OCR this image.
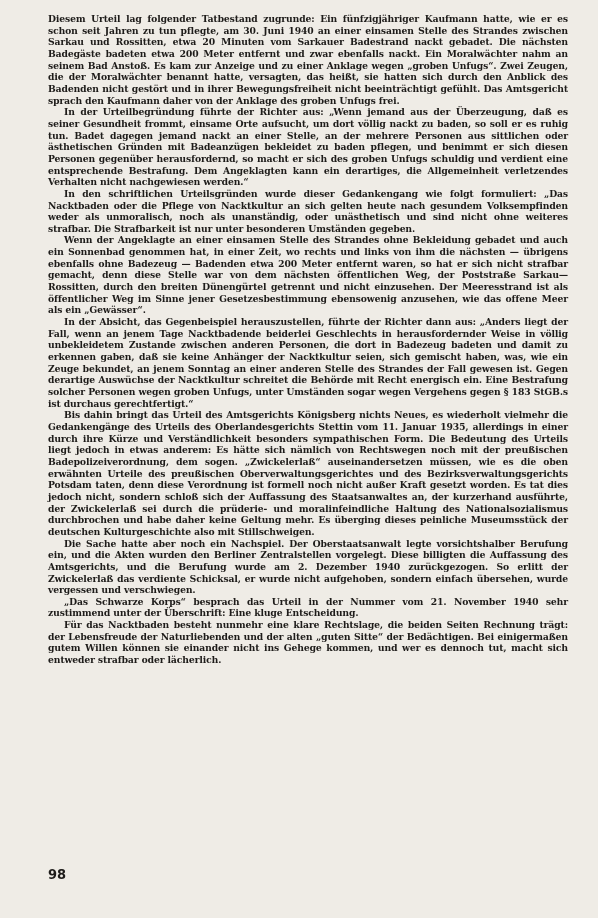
Diesem Urteil lag folgender Tatbestand zugrunde: Ein fünfzigjähriger Kaufmann hatte, wie er es schon seit Jahren zu tun pflegte, am 30. Juni 1940 an einer einsamen Stelle des Strandes zwischen Sarkau und Rossitten, etwa 20 Minuten vom Sarkauer Badestrand nackt gebadet. Die nächsten Badegäste badeten etwa 200 Meter entfernt und zwar ebenfalls nackt. Ein Moralwächter nahm an seinem Bad Anstoß. Es kam zur Anzeige und zu einer Anklage wegen „groben Unfugs“. Zwei Zeugen, die der Moralwächter benannt hatte, versagten, das heißt, sie hatten sich durch den Anblick des Badenden nicht gestört und in ihrer Bewegungsfreiheit nicht beeinträchtigt gefühlt. Das Amtsgericht sprach den Kaufmann daher von der Anklage des groben Unfugs frei.

In der Urteilbegründung führte der Richter aus: „Wenn jemand aus der Überzeugung, daß es seiner Gesundheit frommt, einsame Orte aufsucht, um dort völlig nackt zu baden, so soll er es ruhig tun. Badet dagegen jemand nackt an einer Stelle, an der mehrere Personen aus sittlichen oder ästhetischen Gründen mit Badeanzügen bekleidet zu baden pflegen, und benimmt er sich diesen Personen gegenüber herausfordernd, so macht er sich des groben Unfugs schuldig und verdient eine entsprechende Bestrafung. Dem Angeklagten kann ein derartiges, die Allgemeinheit verletzendes Verhalten nicht nachgewiesen werden.“

In den schriftlichen Urteilsgründen wurde dieser Gedankengang wie folgt formuliert: „Das Nacktbaden oder die Pflege von Nacktkultur an sich gelten heute nach gesundem Volksempfinden weder als unmoralisch, noch als unanständig, oder unästhetisch und sind nicht ohne weiteres strafbar. Die Strafbarkeit ist nur unter besonderen Umständen gegeben.

Wenn der Angeklagte an einer einsamen Stelle des Strandes ohne Bekleidung gebadet und auch ein Sonnenbad genommen hat, in einer Zeit, wo rechts und links von ihm die nächsten — übrigens ebenfalls ohne Badezeug — Badenden etwa 200 Meter entfernt waren, so hat er sich nicht strafbar gemacht, denn diese Stelle war von dem nächsten öffentlichen Weg, der Poststraße Sarkau—Rossitten, durch den breiten Dünengürtel getrennt und nicht einzusehen. Der Meeresstrand ist als öffentlicher Weg im Sinne jener Gesetzesbestimmung ebensowenig anzusehen, wie das offene Meer als ein „Gewässer“.

In der Absicht, das Gegenbeispiel herauszustellen, führte der Richter dann aus: „Anders liegt der Fall, wenn an jenem Tage Nacktbadende beiderlei Geschlechts in herausfordernder Weise in völlig unbekleidetem Zustande zwischen anderen Personen, die dort in Badezeug badeten und damit zu erkennen gaben, daß sie keine Anhänger der Nacktkultur seien, sich gemischt haben, was, wie ein Zeuge bekundet, an jenem Sonntag an einer anderen Stelle des Strandes der Fall gewesen ist. Gegen derartige Auswüchse der Nacktkultur schreitet die Behörde mit Recht energisch ein. Eine Bestrafung solcher Personen wegen groben Unfugs, unter Umständen sogar wegen Vergehens gegen § 183 StGB.s ist durchaus gerechtfertigt.“

Bis dahin bringt das Urteil des Amtsgerichts Königsberg nichts Neues, es wiederholt vielmehr die Gedankengänge des Urteils des Oberlandesgerichts Stettin vom 11. Januar 1935, allerdings in einer durch ihre Kürze und Verständlichkeit besonders sympathischen Form. Die Bedeutung des Urteils liegt jedoch in etwas anderem: Es hätte sich nämlich von Rechtswegen noch mit der preußischen Badepolizeiverordnung, dem sogen. „Zwickelerlaß“ auseinandersetzen müssen, wie es die oben erwähnten Urteile des preußischen Oberverwaltungsgerichtes und des Bezirksverwaltungsgerichts Potsdam taten, denn diese Verordnung ist formell noch nicht außer Kraft gesetzt worden. Es tat dies jedoch nicht, sondern schloß sich der Auffassung des Staatsanwaltes an, der kurzerhand ausführte, der Zwickelerlaß sei durch die prüderie- und moralinfeindliche Haltung des Nationalsozialismus durchbrochen und habe daher keine Geltung mehr. Es überging dieses peinliche Museumsstück der deutschen Kulturgeschichte also mit Stillschweigen.

Die Sache hatte aber noch ein Nachspiel. Der Oberstaatsanwalt legte vorsichtshalber Berufung ein, und die Akten wurden den Berliner Zentralstellen vorgelegt. Diese billigten die Auffassung des Amtsgerichts, und die Berufung wurde am 2. Dezember 1940 zurückgezogen. So erlitt der Zwickelerlaß das verdiente Schicksal, er wurde nicht aufgehoben, sondern einfach übersehen, wurde vergessen und verschwiegen.

„Das Schwarze Korps“ besprach das Urteil in der Nummer vom 21. November 1940 sehr zustimmend unter der Überschrift: Eine kluge Entscheidung.

Für das Nacktbaden besteht nunmehr eine klare Rechtslage, die beiden Seiten Rechnung trägt: der Lebensfreude der Naturliebenden und der alten „guten Sitte“ der Bedächtigen. Bei einigermaßen gutem Willen können sie einander nicht ins Gehege kommen, und wer es dennoch tut, macht sich entweder strafbar oder lächerlich.

98
